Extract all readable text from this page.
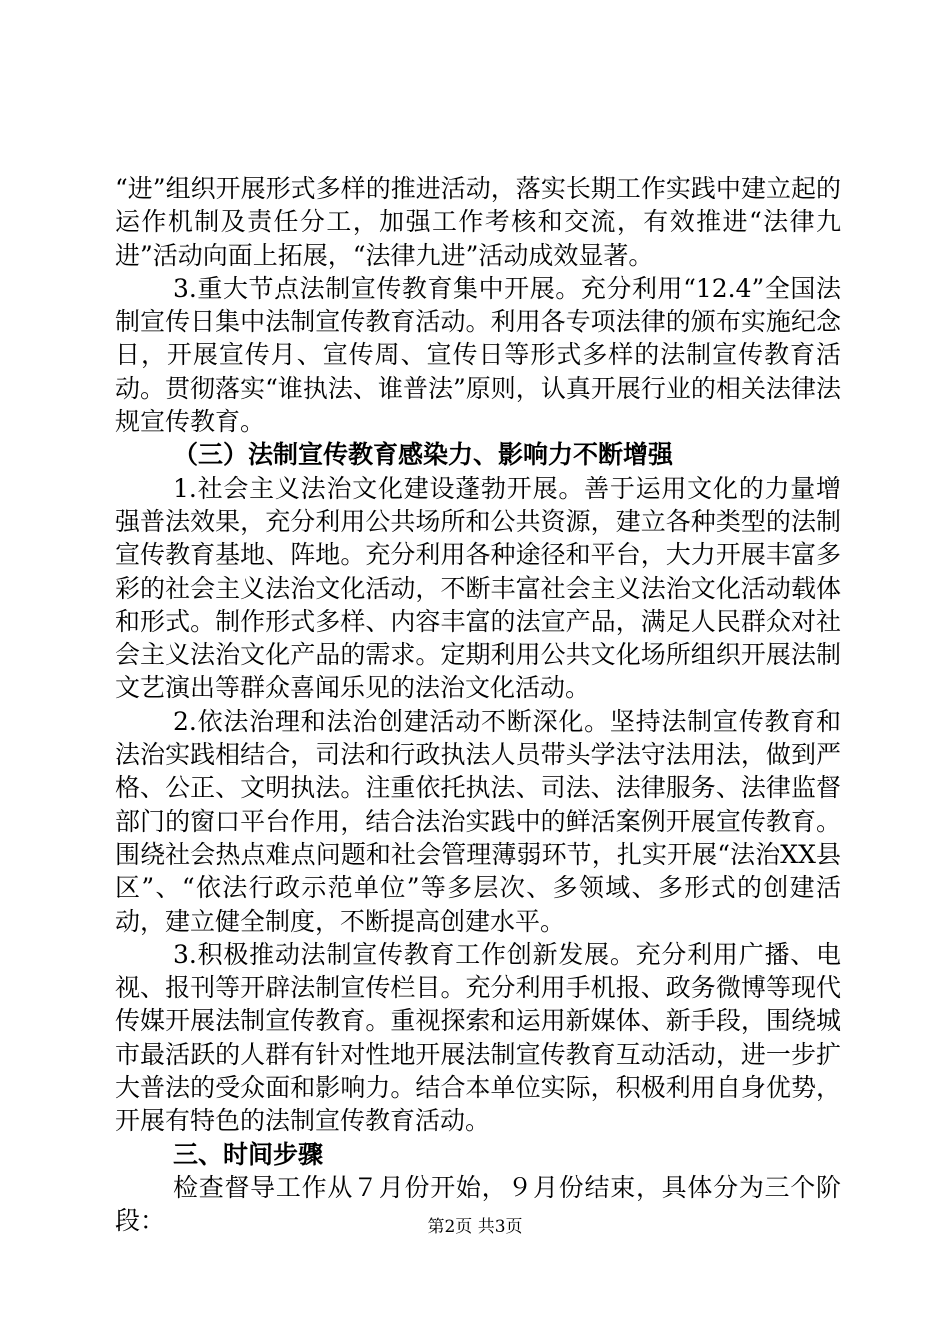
“进”组织开展形式多样的推进活动，落实长期工作实践中建立起的运作机制及责任分工，加强工作考核和交流，有效推进“法律九进”活动向面上拓展，“法律九进”活动成效显著。

3.重大节点法制宣传教育集中开展。充分利用“12.4”全国法制宣传日集中法制宣传教育活动。利用各专项法律的颁布实施纪念日，开展宣传月、宣传周、宣传日等形式多样的法制宣传教育活动。贯彻落实“谁执法、谁普法”原则，认真开展行业的相关法律法规宣传教育。

（三）法制宣传教育感染力、影响力不断增强

1.社会主义法治文化建设蓬勃开展。善于运用文化的力量增强普法效果，充分利用公共场所和公共资源，建立各种类型的法制宣传教育基地、阵地。充分利用各种途径和平台，大力开展丰富多彩的社会主义法治文化活动，不断丰富社会主义法治文化活动载体和形式。制作形式多样、内容丰富的法宣产品，满足人民群众对社会主义法治文化产品的需求。定期利用公共文化场所组织开展法制文艺演出等群众喜闻乐见的法治文化活动。

2.依法治理和法治创建活动不断深化。坚持法制宣传教育和法治实践相结合，司法和行政执法人员带头学法守法用法，做到严格、公正、文明执法。注重依托执法、司法、法律服务、法律监督部门的窗口平台作用，结合法治实践中的鲜活案例开展宣传教育。围绕社会热点难点问题和社会管理薄弱环节，扎实开展“法治XX县区”、“依法行政示范单位”等多层次、多领域、多形式的创建活动，建立健全制度，不断提高创建水平。

3.积极推动法制宣传教育工作创新发展。充分利用广播、电视、报刊等开辟法制宣传栏目。充分利用手机报、政务微博等现代传媒开展法制宣传教育。重视探索和运用新媒体、新手段，围绕城市最活跃的人群有针对性地开展法制宣传教育互动活动，进一步扩大普法的受众面和影响力。结合本单位实际，积极利用自身优势，开展有特色的法制宣传教育活动。

三、时间步骤

检查督导工作从７月份开始，９月份结束，具体分为三个阶段：	第2页 共3页
